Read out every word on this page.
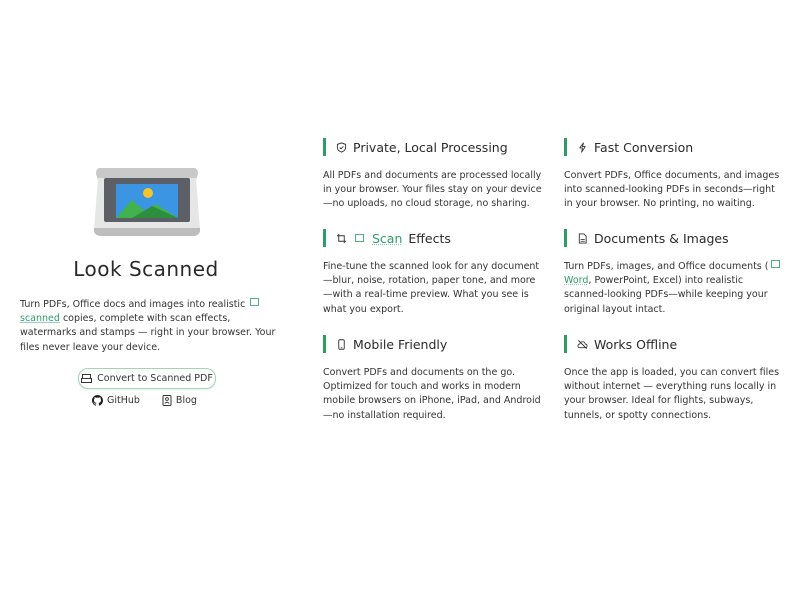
Look Scanned
Turn PDFs, Office docs and images into realistic
scanned copies, complete with scan effects, watermarks and stamps — right in your browser. Your files never leave your device.
Convert to Scanned PDF
GitHub	Blog
Private, Local Processing
All PDFs and documents are processed locally in your browser. Your files stay on your device—no uploads, no cloud storage, no sharing.
Fast Conversion
Convert PDFs, Office documents, and images into scanned-looking PDFs in seconds—right in your browser. No printing, no waiting.
Scan Effects
Fine-tune the scanned look for any document—blur, noise, rotation, paper tone, and more—with a real-time preview. What you see is what you export.
Documents & Images
Turn PDFs, images, and Office documents (
Word, PowerPoint, Excel) into realistic scanned-looking PDFs—while keeping your original layout intact.
Mobile Friendly
Convert PDFs and documents on the go. Optimized for touch and works in modern mobile browsers on iPhone, iPad, and Android—no installation required.
Works Offline
Once the app is loaded, you can convert files without internet — everything runs locally in your browser. Ideal for flights, subways, tunnels, or spotty connections.
